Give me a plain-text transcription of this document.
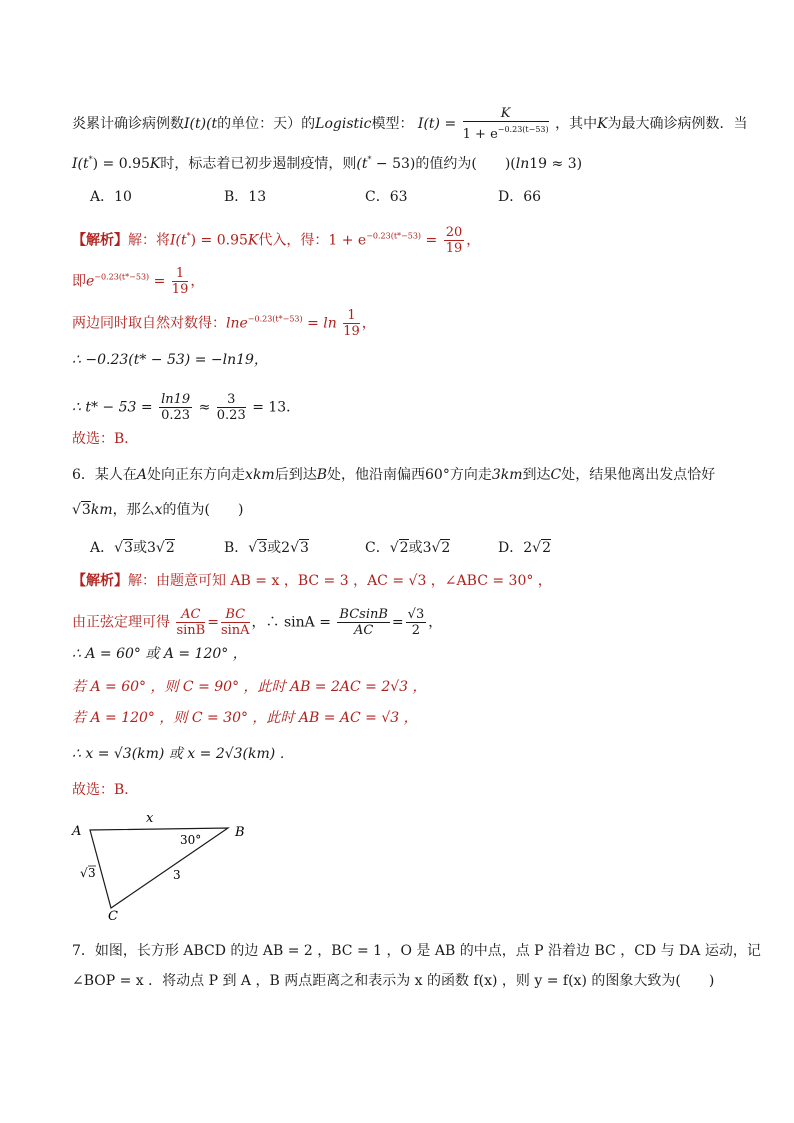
炎累计确诊病例数I(t)(t的单位：天）的Logistic模型： $I(t) = \frac{K}{1 + e^{-0.23(t-53)}}$ ，其中K为最大确诊病例数．当
I(t*) = 0.95K时，标志着已初步遏制疫情，则(t* − 53)的值约为(　　)(ln19 ≈ 3)
A．10	B．13	C．63	D．66
【解析】解：将I(t*) = 0.95K代入，得：$1 + e^{-0.23(t*-53)} = \frac{20}{19}$ ，
即$e^{-0.23(t*-53)} = \frac{1}{19}$ ，
两边同时取自然对数得：$\ln e^{-0.23(t*-53)} = \ln \frac{1}{19}$ ，
∴ −0.23(t* − 53) = −ln19，
∴ $t* - 53 = \frac{\ln 19}{0.23} \approx \frac{3}{0.23} = 13$．
故选：B．
6．某人在A处向正东方向走xkm后到达B处，他沿南偏西60°方向走3km到达C处，结果他离出发点恰好
√3km，那么x的值为(　　)
A．√3或3√2	B．√3或2√3	C．√2或3√2	D．2√2
【解析】解：由题意可知 AB = x ，BC = 3 ，AC = √3 ，∠ABC = 30° ，
由正弦定理可得 $\frac{AC}{\sin B} = \frac{BC}{\sin A}$ ，∴ $\sin A = \frac{BCsinB}{AC} = \frac{√3}{2}$ ，
∴ A = 60° 或 A = 120° ，
若 A = 60° ，则 C = 90° ，此时 AB = 2AC = 2√3 ，
若 A = 120° ，则 C = 30° ，此时 AB = AC = √3 ，
∴ x = √3(km) 或 x = 2√3(km) ．
故选：B．
A	B
C
x
30°
√ 3	3
7．如图，长方形 ABCD 的边 AB = 2 ，BC = 1 ，O 是 AB 的中点，点 P 沿着边 BC ，CD 与 DA 运动，记
∠BOP = x ．将动点 P 到 A ，B 两点距离之和表示为 x 的函数 f(x) ，则 y = f(x) 的图象大致为(　　)
